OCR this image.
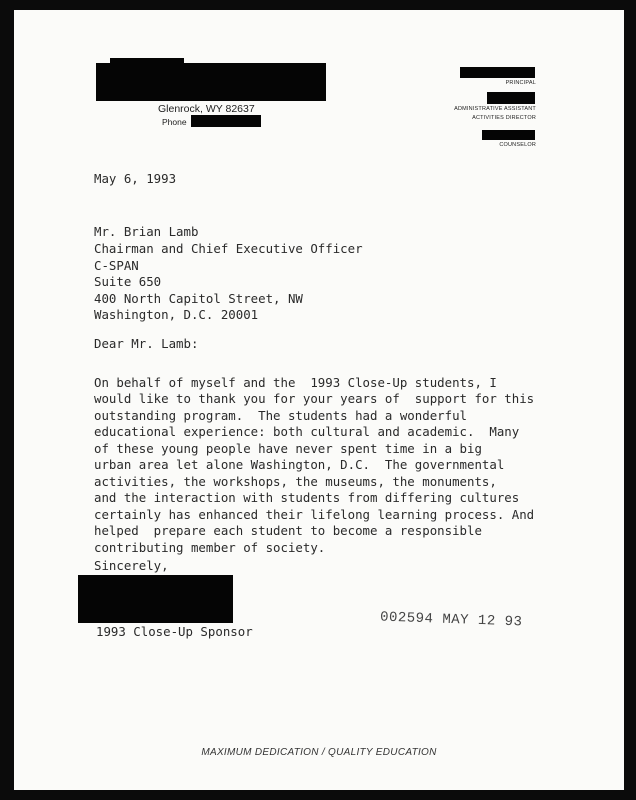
Glenrock, WY 82637
Phone
PRINCIPAL
ADMINISTRATIVE ASSISTANT
ACTIVITIES DIRECTOR
COUNSELOR
May 6, 1993
Mr. Brian Lamb
Chairman and Chief Executive Officer
C-SPAN
Suite 650
400 North Capitol Street, NW
Washington, D.C. 20001
Dear Mr. Lamb:
On behalf of myself and the  1993 Close-Up students, I
would like to thank you for your years of  support for this
outstanding program.  The students had a wonderful
educational experience: both cultural and academic.  Many
of these young people have never spent time in a big
urban area let alone Washington, D.C.  The governmental
activities, the workshops, the museums, the monuments,
and the interaction with students from differing cultures
certainly has enhanced their lifelong learning process. And
helped  prepare each student to become a responsible
contributing member of society.
Sincerely,
1993 Close-Up Sponsor
002594 MAY 12 93
MAXIMUM DEDICATION / QUALITY EDUCATION
